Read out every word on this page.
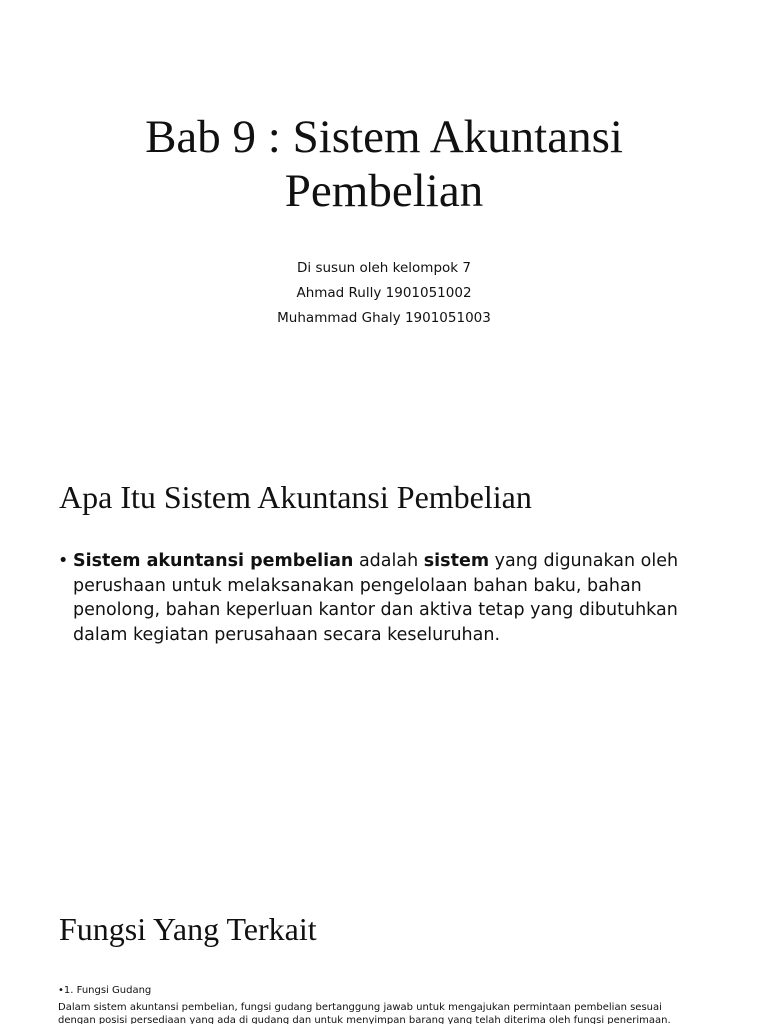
Bab 9 : Sistem Akuntansi
Pembelian
Di susun oleh kelompok 7
Ahmad Rully 1901051002
Muhammad Ghaly 1901051003
Apa Itu Sistem Akuntansi Pembelian
• Sistem akuntansi pembelian adalah sistem yang digunakan oleh perushaan untuk melaksanakan pengelolaan bahan baku, bahan penolong, bahan keperluan kantor dan aktiva tetap yang dibutuhkan dalam kegiatan perusahaan secara keseluruhan.
Fungsi Yang Terkait
•1. Fungsi Gudang
Dalam sistem akuntansi pembelian, fungsi gudang bertanggung jawab untuk mengajukan permintaan pembelian sesuai dengan posisi persediaan yang ada di gudang dan untuk menyimpan barang yang telah diterima oleh fungsi penerimaan.
